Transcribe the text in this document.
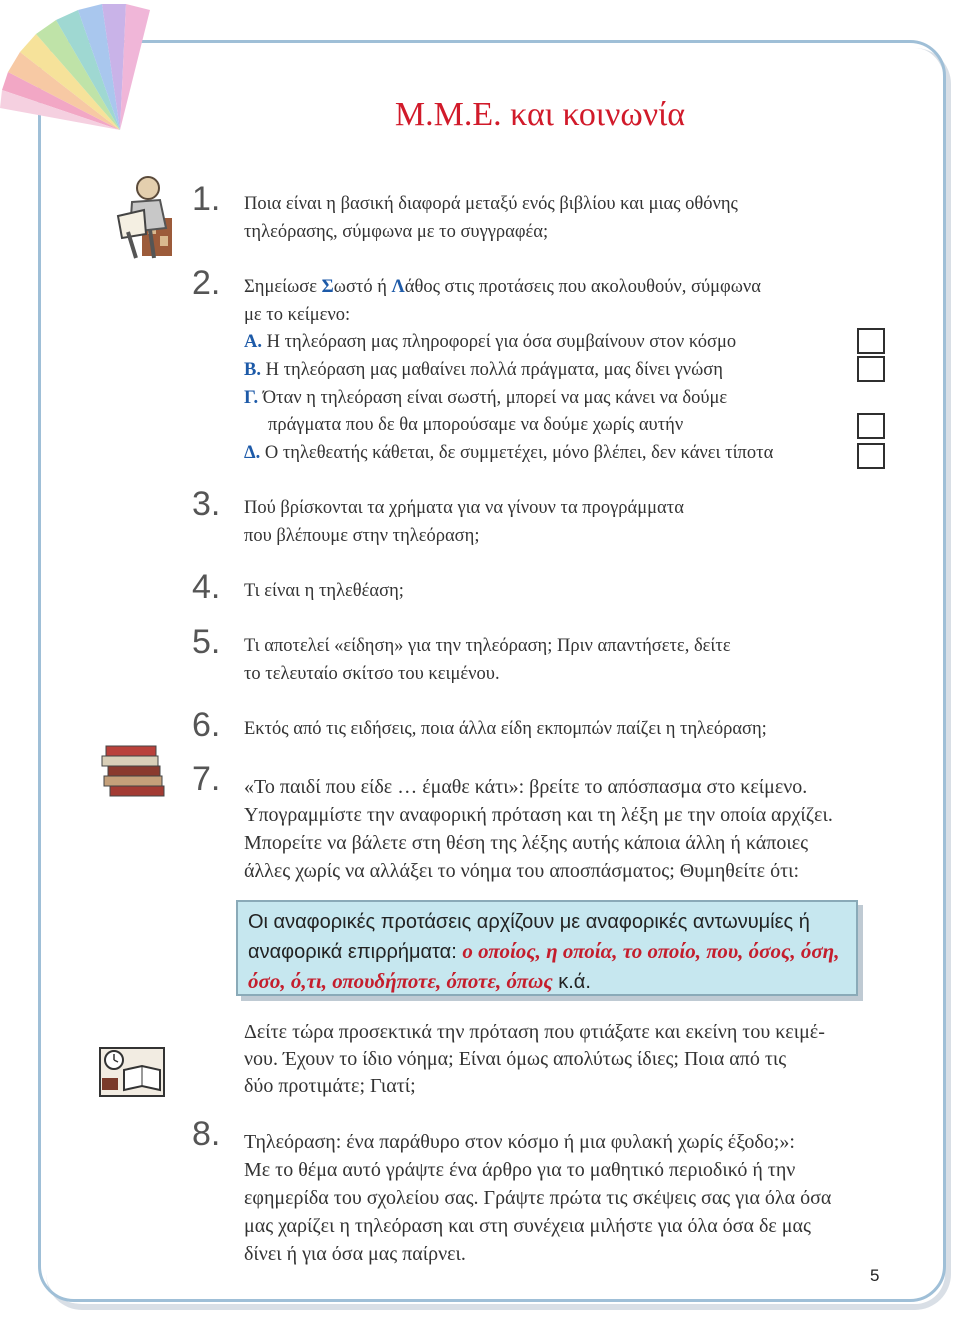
Μ.Μ.Ε. και κοινωνία
1. Ποια είναι η βασική διαφορά μεταξύ ενός βιβλίου και μιας οθόνης
τηλεόρασης, σύμφωνα με το συγγραφέα;
2. Σημείωσε Σωστό ή Λάθος στις προτάσεις που ακολουθούν, σύμφωνα
με το κείμενο:
Α. Η τηλεόραση μας πληροφορεί για όσα συμβαίνουν στον κόσμο
Β. Η τηλεόραση μας μαθαίνει πολλά πράγματα, μας δίνει γνώση
Γ. Όταν η τηλεόραση είναι σωστή, μπορεί να μας κάνει να δούμε
πράγματα που δε θα μπορούσαμε να δούμε χωρίς αυτήν
Δ. Ο τηλεθεατής κάθεται, δε συμμετέχει, μόνο βλέπει, δεν κάνει τίποτα
3. Πού βρίσκονται τα χρήματα για να γίνουν τα προγράμματα
που βλέπουμε στην τηλεόραση;
4. Τι είναι η τηλεθέαση;
5. Τι αποτελεί «είδηση» για την τηλεόραση; Πριν απαντήσετε, δείτε
το τελευταίο σκίτσο του κειμένου.
6. Εκτός από τις ειδήσεις, ποια άλλα είδη εκπομπών παίζει η τηλεόραση;
7. «Το παιδί που είδε … έμαθε κάτι»: βρείτε το απόσπασμα στο κείμενο.
Υπογραμμίστε την αναφορική πρόταση και τη λέξη με την οποία αρχίζει.
Μπορείτε να βάλετε στη θέση της λέξης αυτής κάποια άλλη ή κάποιες
άλλες χωρίς να αλλάξει το νόημα του αποσπάσματος; Θυμηθείτε ότι:
Οι αναφορικές προτάσεις αρχίζουν με αναφορικές αντωνυμίες ή
αναφορικά επιρρήματα: ο οποίος, η οποία, το οποίο, που, όσος, όση,
όσο, ό,τι, οπουδήποτε, όποτε, όπως κ.ά.
Δείτε τώρα προσεκτικά την πρόταση που φτιάξατε και εκείνη του κειμέ-
νου. Έχουν το ίδιο νόημα; Είναι όμως απολύτως ίδιες; Ποια από τις
δύο προτιμάτε; Γιατί;
8. Τηλεόραση: ένα παράθυρο στον κόσμο ή μια φυλακή χωρίς έξοδο;»:
Με το θέμα αυτό γράψτε ένα άρθρο για το μαθητικό περιοδικό ή την
εφημερίδα του σχολείου σας. Γράψτε πρώτα τις σκέψεις σας για όλα όσα
μας χαρίζει η τηλεόραση και στη συνέχεια μιλήστε για όλα όσα δε μας
δίνει ή για όσα μας παίρνει.
5
